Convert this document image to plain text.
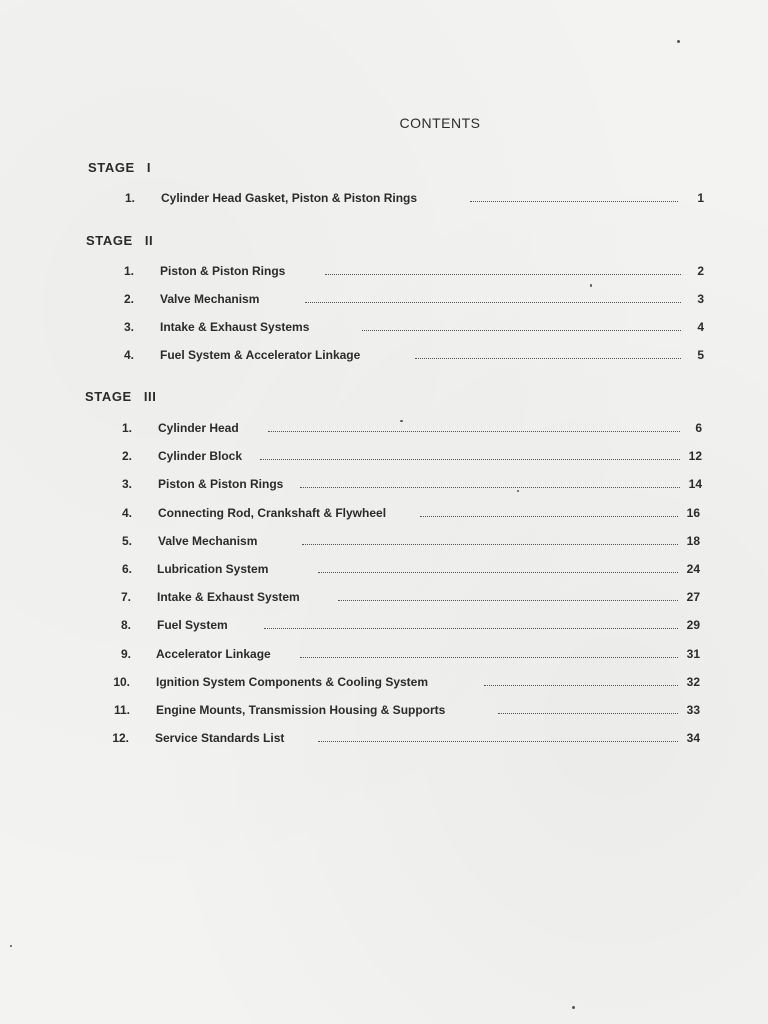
CONTENTS
STAGE I
1. Cylinder Head Gasket, Piston & Piston Rings	1
STAGE II
1. Piston & Piston Rings	2
2. Valve Mechanism	3
3. Intake & Exhaust Systems	4
4. Fuel System & Accelerator Linkage	5
STAGE III
1. Cylinder Head	6
2. Cylinder Block	12
3. Piston & Piston Rings	14
4. Connecting Rod, Crankshaft & Flywheel	16
5. Valve Mechanism	18
6. Lubrication System	24
7. Intake & Exhaust System	27
8. Fuel System	29
9. Accelerator Linkage	31
10. Ignition System Components & Cooling System	32
11. Engine Mounts, Transmission Housing & Supports	33
12. Service Standards List	34
